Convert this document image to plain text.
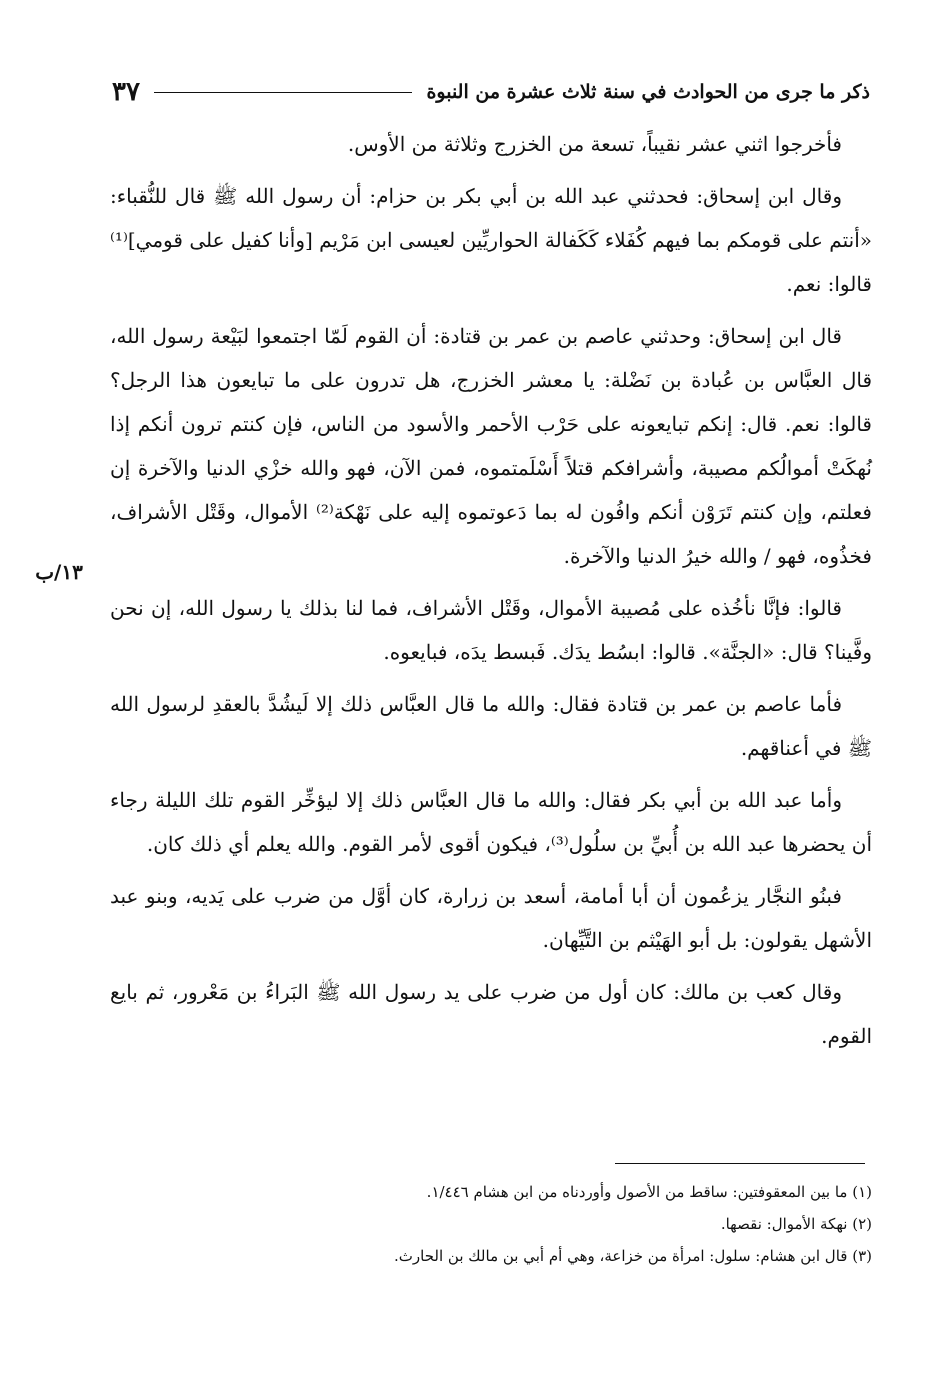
ذكر ما جرى من الحوادث في سنة ثلاث عشرة من النبوة
٣٧

فأخرجوا اثني عشر نقيباً، تسعة من الخزرج وثلاثة من الأوس.

وقال ابن إسحاق: فحدثني عبد الله بن أبي بكر بن حزام: أن رسول الله ﷺ قال للنُّقباء: «أنتم على قومكم بما فيهم كُفَلاء كَكَفالة الحواريِّين لعيسى ابن مَرْيم [وأنا كفيل على قومي]⁽¹⁾ قالوا: نعم.

قال ابن إسحاق: وحدثني عاصم بن عمر بن قتادة: أن القوم لَمّا اجتمعوا لبَيْعة رسول الله، قال العبَّاس بن عُبادة بن نَضْلة: يا معشر الخزرج، هل تدرون على ما تبايعون هذا الرجل؟ قالوا: نعم. قال: إنكم تبايعونه على حَرْب الأحمر والأسود من الناس، فإن كنتم ترون أنكم إذا نُهكَتْ أموالُكم مصيبة، وأشرافكم قتلاً أَسْلَمتموه، فمن الآن، فهو والله خزْي الدنيا والآخرة إن فعلتم، وإن كنتم تَرَوْن أنكم وافُون له بما دَعوتموه إليه على نَهْكة⁽²⁾ الأموال، وقَتْل الأشراف، فخذُوه، فهو / والله خيرُ الدنيا والآخرة.

قالوا: فإنَّا نأخُذه على مُصيبة الأموال، وقَتْل الأشراف، فما لنا بذلك يا رسول الله، إن نحن وفَّينا؟ قال: «الجنَّة». قالوا: ابسُط يدَك. فَبسط يدَه، فبايعوه.

فأما عاصم بن عمر بن قتادة فقال: والله ما قال العبَّاس ذلك إلا لَيشُدَّ بالعقدِ لرسول الله ﷺ في أعناقهم.

وأما عبد الله بن أبي بكر فقال: والله ما قال العبَّاس ذلك إلا ليؤخِّر القوم تلك الليلة رجاء أن يحضرها عبد الله بن أُبيِّ بن سلُول⁽³⁾، فيكون أقوى لأمر القوم. والله يعلم أي ذلك كان.

فبنُو النجَّار يزعُمون أن أبا أمامة، أسعد بن زرارة، كان أوَّل من ضرب على يَديه، وبنو عبد الأشهل يقولون: بل أبو الهَيْثم بن التَّيِّهان.

وقال كعب بن مالك: كان أول من ضرب على يد رسول الله ﷺ البَراءُ بن مَعْرور، ثم بايع القوم.

١٣/ب

(١) ما بين المعقوفتين: ساقط من الأصول وأوردناه من ابن هشام ١/٤٤٦.

(٢) نهكة الأموال: نقصها.

(٣) قال ابن هشام: سلول: امرأة من خزاعة، وهي أم أبي بن مالك بن الحارث.
